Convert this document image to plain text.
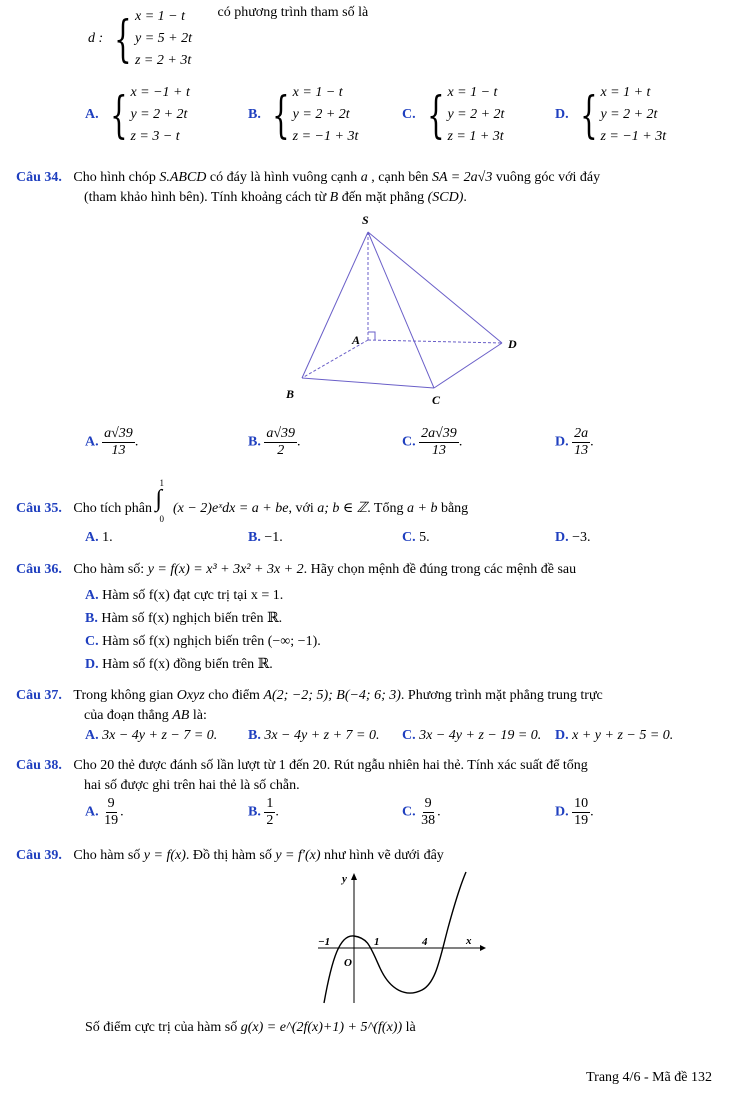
d : { x = 1 − t
y = 5 + 2t
z = 2 + 3t
có phương trình tham số là
A. { x = −1 + t
y = 2 + 2t
z = 3 − t
B. { x = 1 − t
y = 2 + 2t
z = −1 + 3t
C. { x = 1 − t
y = 2 + 2t
z = 1 + 3t
D. { x = 1 + t
y = 2 + 2t
z = −1 + 3t
Câu 34. Cho hình chóp S.ABCD có đáy là hình vuông cạnh a , cạnh bên SA = 2a√3 vuông góc với đáy
(tham khảo hình bên). Tính khoảng cách từ B đến mặt phẳng (SCD).
S
A
B	C
D
A. $\frac{a√39}{13}$ .	B. $\frac{a√39}{2}$ .	C. $\frac{2a√39}{13}$ .	D. $\frac{2a}{13}$ .
Câu 35. Cho tích phân
1
∫
0
(x − 2)eˣdx = a + be, với a; b ∈ ℤ. Tổng a + b bằng
A. 1.	B. −1.	C. 5.	D. −3.
Câu 36. Cho hàm số: y = f(x) = x³ + 3x² + 3x + 2. Hãy chọn mệnh đề đúng trong các mệnh đề sau
A. Hàm số f(x) đạt cực trị tại x = 1.
B. Hàm số f(x) nghịch biến trên ℝ.
C. Hàm số f(x) nghịch biến trên (−∞; −1).
D. Hàm số f(x) đồng biến trên ℝ.
Câu 37. Trong không gian Oxyz cho điểm A(2; −2; 5); B(−4; 6; 3). Phương trình mặt phẳng trung trực
của đoạn thẳng AB là:
A. 3x − 4y + z − 7 = 0. B. 3x − 4y + z + 7 = 0. C. 3x − 4y + z − 19 = 0. D. x + y + z − 5 = 0.
Câu 38. Cho 20 thẻ được đánh số lần lượt từ 1 đến 20. Rút ngẫu nhiên hai thẻ. Tính xác suất để tổng
hai số được ghi trên hai thẻ là số chẵn.
A. $\frac{9}{19}$ .	B. $\frac{1}{2}$ .	C. $\frac{9}{38}$ .	D. $\frac{10}{19}$ .
Câu 39. Cho hàm số y = f(x). Đồ thị hàm số y = f′(x) như hình vẽ dưới đây
y
x
O
−1	1	4
Số điểm cực trị của hàm số g(x) = e^(2f(x)+1) + 5^(f(x)) là
Trang 4/6 - Mã đề 132
